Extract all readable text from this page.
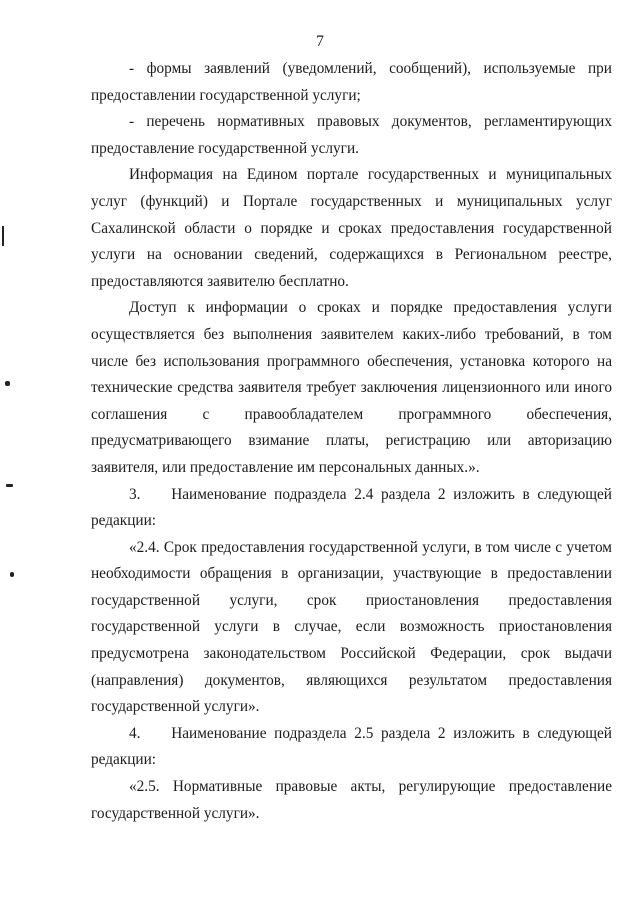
7

- формы заявлений (уведомлений, сообщений), используемые при
предоставлении государственной услуги;

- перечень нормативных правовых документов, регламентирующих
предоставление государственной услуги.

Информация на Едином портале государственных и муниципальных
услуг (функций) и Портале государственных и муниципальных услуг
Сахалинской области о порядке и сроках предоставления государственной
услуги на основании сведений, содержащихся в Региональном реестре,
предоставляются заявителю бесплатно.

Доступ к информации о сроках и порядке предоставления услуги
осуществляется без выполнения заявителем каких-либо требований, в том
числе без использования программного обеспечения, установка которого на
технические средства заявителя требует заключения лицензионного или иного
соглашения с правообладателем программного обеспечения,
предусматривающего взимание платы, регистрацию или авторизацию
заявителя, или предоставление им персональных данных.».

3.    Наименование подраздела 2.4 раздела 2 изложить в следующей
редакции:

«2.4. Срок предоставления государственной услуги, в том числе с учетом
необходимости обращения в организации, участвующие в предоставлении
государственной услуги, срок приостановления предоставления
государственной услуги в случае, если возможность приостановления
предусмотрена законодательством Российской Федерации, срок выдачи
(направления) документов, являющихся результатом предоставления
государственной услуги».

4.    Наименование подраздела 2.5 раздела 2 изложить в следующей
редакции:

«2.5. Нормативные правовые акты, регулирующие предоставление
государственной услуги».
